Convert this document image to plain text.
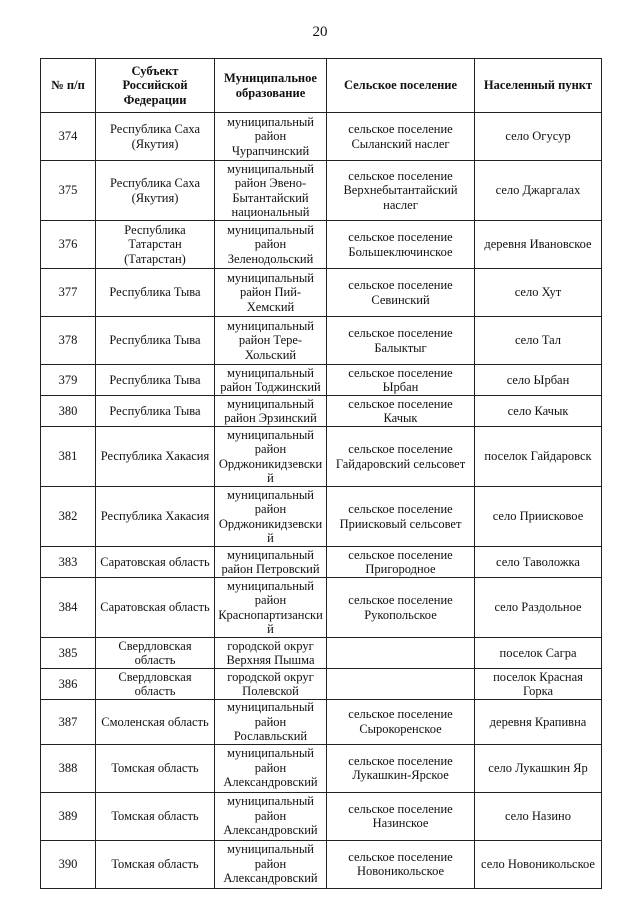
20
№ п/п	Субъект Российской Федерации	Муниципальное образование	Сельское поселение	Населенный пункт
374	Республика Саха (Якутия)	муниципальный район Чурапчинский	сельское поселение Сыланский наслег	село Огусур
375	Республика Саха (Якутия)	муниципальный район Эвено-Бытантайский национальный	сельское поселение Верхнебытантайский наслег	село Джаргалах
376	Республика Татарстан (Татарстан)	муниципальный район Зеленодольский	сельское поселение Большеключинское	деревня Ивановское
377	Республика Тыва	муниципальный район Пий-Хемский	сельское поселение Севинский	село Хут
378	Республика Тыва	муниципальный район Тере-Хольский	сельское поселение Балыктыг	село Тал
379	Республика Тыва	муниципальный район Тоджинский	сельское поселение Ырбан	село Ырбан
380	Республика Тыва	муниципальный район Эрзинский	сельское поселение Качык	село Качык
381	Республика Хакасия	муниципальный район Орджоникидзевский	сельское поселение Гайдаровский сельсовет	поселок Гайдаровск
382	Республика Хакасия	муниципальный район Орджоникидзевский	сельское поселение Приисковый сельсовет	село Приисковое
383	Саратовская область	муниципальный район Петровский	сельское поселение Пригородное	село Таволожка
384	Саратовская область	муниципальный район Краснопартизанский	сельское поселение Рукопольское	село Раздольное
385	Свердловская область	городской округ Верхняя Пышма		поселок Сагра
386	Свердловская область	городской округ Полевской		поселок Красная Горка
387	Смоленская область	муниципальный район Рославльский	сельское поселение Сырокоренское	деревня Крапивна
388	Томская область	муниципальный район Александровский	сельское поселение Лукашкин-Ярское	село Лукашкин Яр
389	Томская область	муниципальный район Александровский	сельское поселение Назинское	село Назино
390	Томская область	муниципальный район Александровский	сельское поселение Новоникольское	село Новоникольское
